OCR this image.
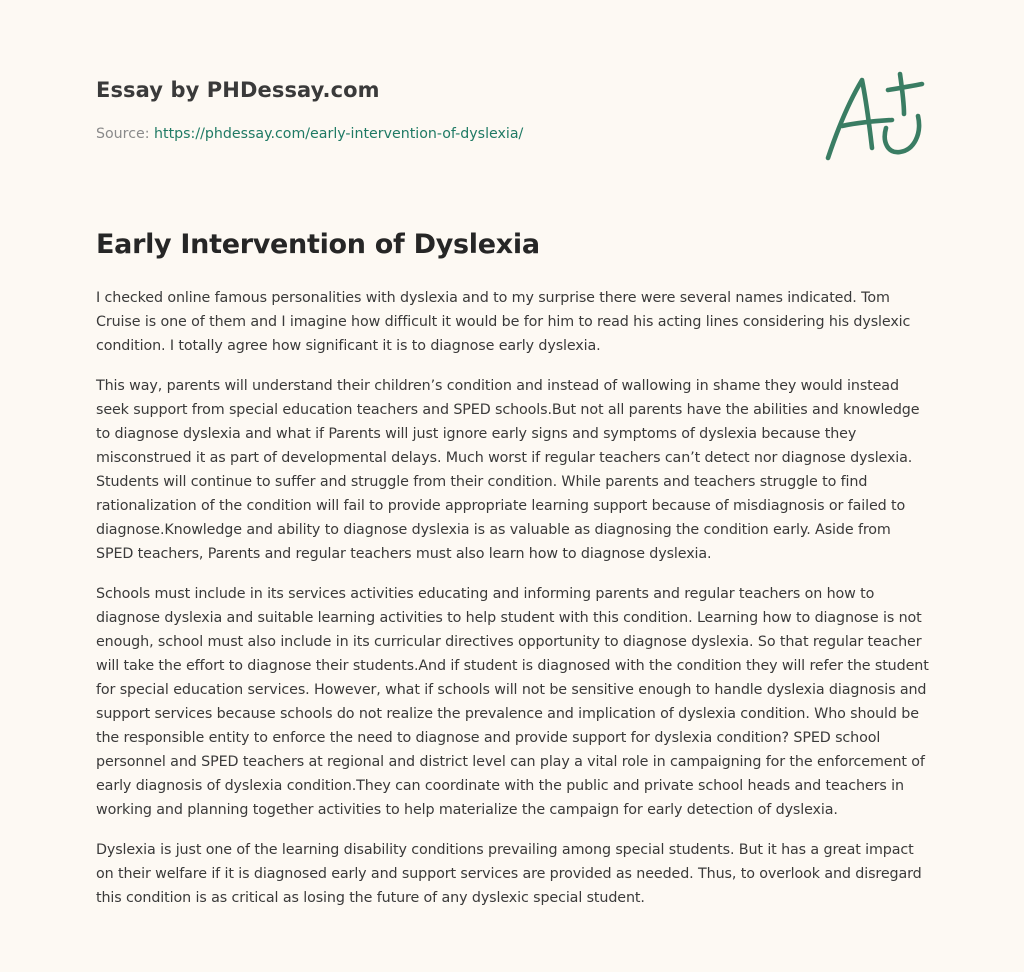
Essay by PHDessay.com
Source: https://phdessay.com/early-intervention-of-dyslexia/
Early Intervention of Dyslexia

I checked online famous personalities with dyslexia and to my surprise there were several names indicated. Tom Cruise is one of them and I imagine how difficult it would be for him to read his acting lines considering his dyslexic condition. I totally agree how significant it is to diagnose early dyslexia.

This way, parents will understand their children’s condition and instead of wallowing in shame they would instead seek support from special education teachers and SPED schools.But not all parents have the abilities and knowledge to diagnose dyslexia and what if Parents will just ignore early signs and symptoms of dyslexia because they misconstrued it as part of developmental delays. Much worst if regular teachers can’t detect nor diagnose dyslexia. Students will continue to suffer and struggle from their condition. While parents and teachers struggle to find rationalization of the condition will fail to provide appropriate learning support because of misdiagnosis or failed to diagnose.Knowledge and ability to diagnose dyslexia is as valuable as diagnosing the condition early. Aside from SPED teachers, Parents and regular teachers must also learn how to diagnose dyslexia.

Schools must include in its services activities educating and informing parents and regular teachers on how to diagnose dyslexia and suitable learning activities to help student with this condition. Learning how to diagnose is not enough, school must also include in its curricular directives opportunity to diagnose dyslexia. So that regular teacher will take the effort to diagnose their students.And if student is diagnosed with the condition they will refer the student for special education services. However, what if schools will not be sensitive enough to handle dyslexia diagnosis and support services because schools do not realize the prevalence and implication of dyslexia condition. Who should be the responsible entity to enforce the need to diagnose and provide support for dyslexia condition? SPED school personnel and SPED teachers at regional and district level can play a vital role in campaigning for the enforcement of early diagnosis of dyslexia condition.They can coordinate with the public and private school heads and teachers in working and planning together activities to help materialize the campaign for early detection of dyslexia.

Dyslexia is just one of the learning disability conditions prevailing among special students. But it has a great impact on their welfare if it is diagnosed early and support services are provided as needed. Thus, to overlook and disregard this condition is as critical as losing the future of any dyslexic special student.
